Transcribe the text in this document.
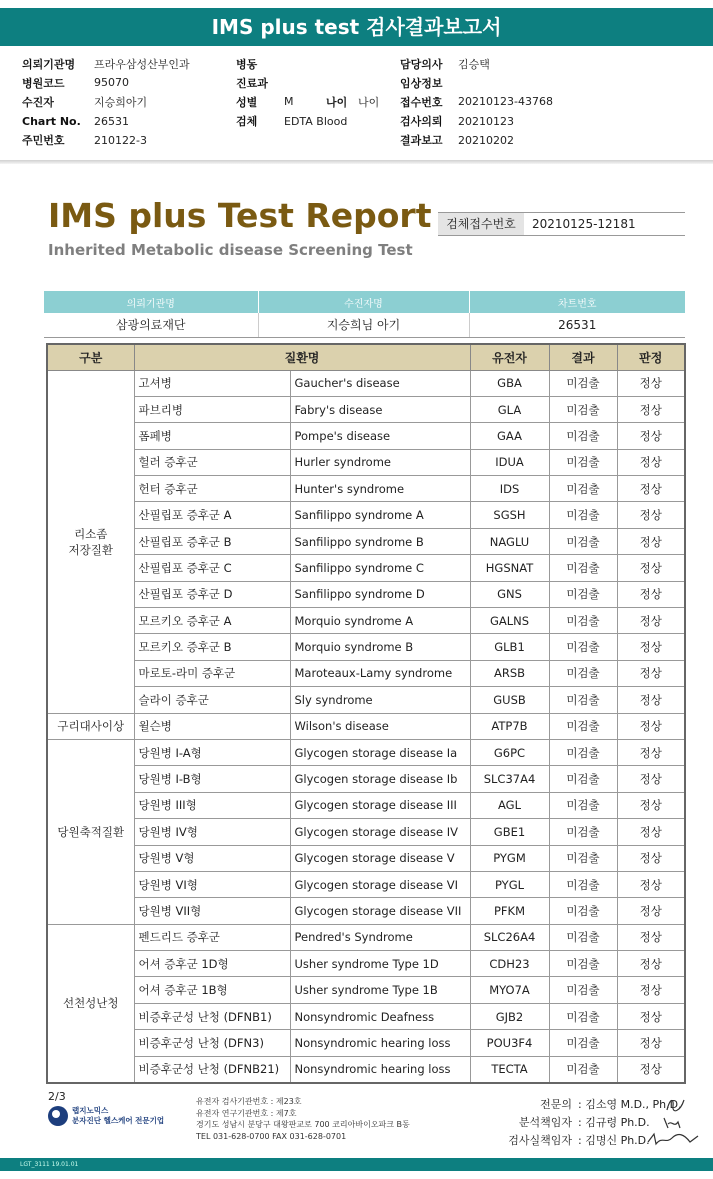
IMS plus test 검사결과보고서
의뢰기관명	프라우삼성산부인과
병원코드	95070
수진자	지승희아기
Chart No.	26531
주민번호	210122-3
병동
진료과
성별	M	나이 나이
검체	EDTA Blood
담당의사	김승택
임상정보
접수번호	20210123-43768
검사의뢰	20210123
결과보고	20210202
IMS plus Test Report
Inherited Metabolic disease Screening Test
검체접수번호	20210125-12181
의뢰기관명	수진자명	차트번호
삼광의료재단	지승희님 아기	26531
구분	질환명		유전자	결과	판정
리소좀
저장질환	고셔병	Gaucher's disease	GBA	미검출	정상
	파브리병	Fabry's disease	GLA	미검출	정상
	폼페병	Pompe's disease	GAA	미검출	정상
	헐러 증후군	Hurler syndrome	IDUA	미검출	정상
	헌터 증후군	Hunter's syndrome	IDS	미검출	정상
	산필립포 증후군 A	Sanfilippo syndrome A	SGSH	미검출	정상
	산필립포 증후군 B	Sanfilippo syndrome B	NAGLU	미검출	정상
	산필립포 증후군 C	Sanfilippo syndrome C	HGSNAT	미검출	정상
	산필립포 증후군 D	Sanfilippo syndrome D	GNS	미검출	정상
	모르키오 증후군 A	Morquio syndrome A	GALNS	미검출	정상
	모르키오 증후군 B	Morquio syndrome B	GLB1	미검출	정상
	마로토-라미 증후군	Maroteaux-Lamy syndrome	ARSB	미검출	정상
	슬라이 증후군	Sly syndrome	GUSB	미검출	정상
구리대사이상	윌슨병	Wilson's disease	ATP7B	미검출	정상
당원축적질환	당원병 I-A형	Glycogen storage disease Ia	G6PC	미검출	정상
	당원병 I-B형	Glycogen storage disease Ib	SLC37A4	미검출	정상
	당원병 III형	Glycogen storage disease III	AGL	미검출	정상
	당원병 IV형	Glycogen storage disease IV	GBE1	미검출	정상
	당원병 V형	Glycogen storage disease V	PYGM	미검출	정상
	당원병 VI형	Glycogen storage disease VI	PYGL	미검출	정상
	당원병 VII형	Glycogen storage disease VII	PFKM	미검출	정상
선천성난청	펜드리드 증후군	Pendred's Syndrome	SLC26A4	미검출	정상
	어셔 증후군 1D형	Usher syndrome Type 1D	CDH23	미검출	정상
	어셔 증후군 1B형	Usher syndrome Type 1B	MYO7A	미검출	정상
	비증후군성 난청 (DFNB1)	Nonsyndromic Deafness	GJB2	미검출	정상
	비증후군성 난청 (DFN3)	Nonsyndromic hearing loss	POU3F4	미검출	정상
	비증후군성 난청 (DFNB21)	Nonsyndromic hearing loss	TECTA	미검출	정상
2/3
랩지노믹스
분자진단 헬스케어 전문기업
유전자 검사기관번호 : 제23호
유전자 연구기관번호 : 제7호
경기도 성남시 분당구 대왕판교로 700 코리아바이오파크 B동
TEL 031-628-0700 FAX 031-628-0701
전문의 : 김소영 M.D., Ph.D.
분석책임자 : 김규령 Ph.D.
검사실책임자 : 김명신 Ph.D.
LGT_3111 19.01.01
